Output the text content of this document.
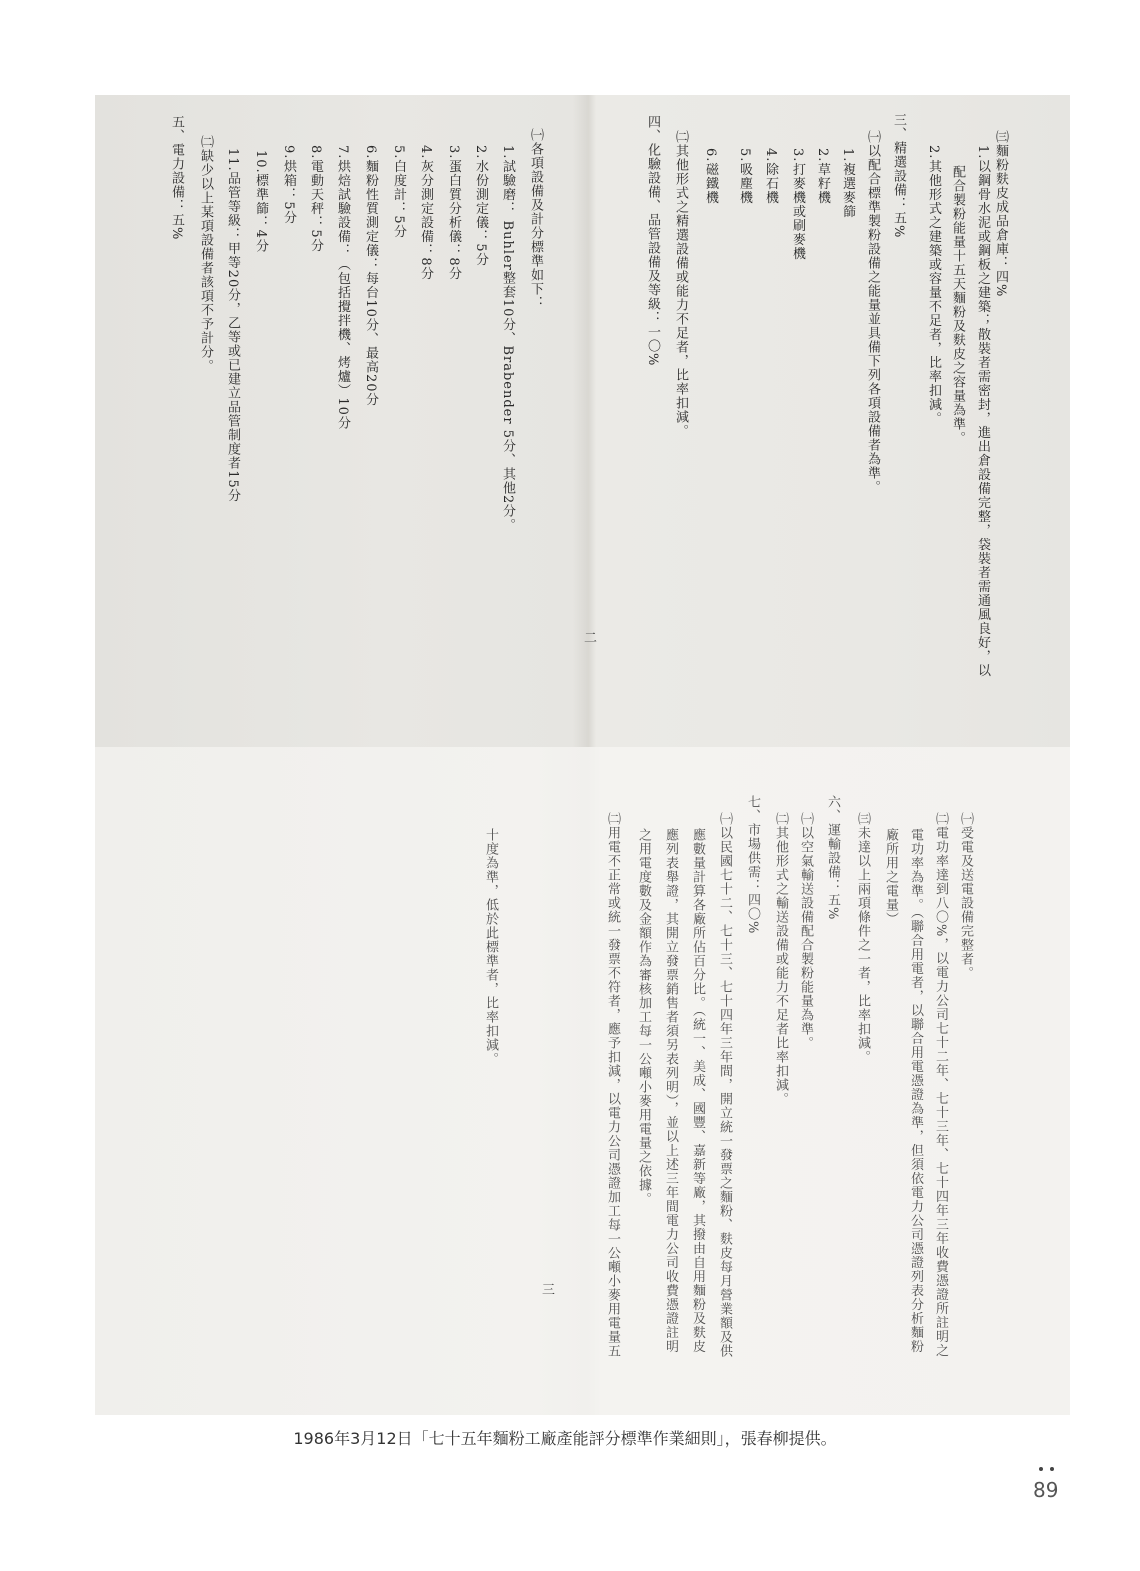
㈢麵粉麩皮成品倉庫：四%
1.以鋼骨水泥或鋼板之建築；散裝者需密封，進出倉設備完整，袋裝者需通風良好，以
配合製粉能量十五天麵粉及麩皮之容量為準。
2.其他形式之建築或容量不足者，比率扣減。
三、精選設備：五%
㈠以配合標準製粉設備之能量並具備下列各項設備者為準。
1.複選麥篩
2.草籽機
3.打麥機或刷麥機
4.除石機
5.吸塵機
6.磁鐵機
㈡其他形式之精選設備或能力不足者，比率扣減。
四、化驗設備、品管設備及等級：一〇%
㈠各項設備及計分標準如下：
1.試驗磨： Buhler整套10分、Brabender 5分、其他2分。
2.水份測定儀：5分
3.蛋白質分析儀：8分
4.灰分測定設備：8分
5.白度計：5分
6.麵粉性質測定儀：每台10分、最高20分
7.烘焙試驗設備：（包括攪拌機、烤爐）10分
8.電動天秤：5分
9.烘箱：5分
10.標準篩：4分
11.品管等級：甲等20分，乙等或已建立品管制度者15分
㈡缺少以上某項設備者該項不予計分。
五、電力設備：五%
二
㈠受電及送電設備完整者。
㈡電功率達到八〇%，以電力公司七十二年、七十三年、七十四年三年收費憑證所註明之
電功率為準。（聯合用電者，以聯合用電憑證為準，但須依電力公司憑證列表分析麵粉
廠所用之電量）
㈢未達以上兩項條件之一者，比率扣減。
六、運輸設備：五%
㈠以空氣輸送設備配合製粉能量為準。
㈡其他形式之輸送設備或能力不足者比率扣減。
七、市場供需：四〇%
㈠以民國七十二、七十三、七十四年三年間，開立統一發票之麵粉、麩皮每月營業額及供
應數量計算各廠所佔百分比。（統一、美成、國豐、嘉新等廠，其撥由自用麵粉及麩皮
應列表舉證，其開立發票銷售者須另表列明），並以上述三年間電力公司收費憑證註明
之用電度數及金額作為審核加工每一公噸小麥用電量之依據。
㈡用電不正常或統一發票不符者，應予扣減，以電力公司憑證加工每一公噸小麥用電量五
十度為準，低於此標準者，比率扣減。
三
1986年3月12日「七十五年麵粉工廠產能評分標準作業細則」，張春柳提供。
89
